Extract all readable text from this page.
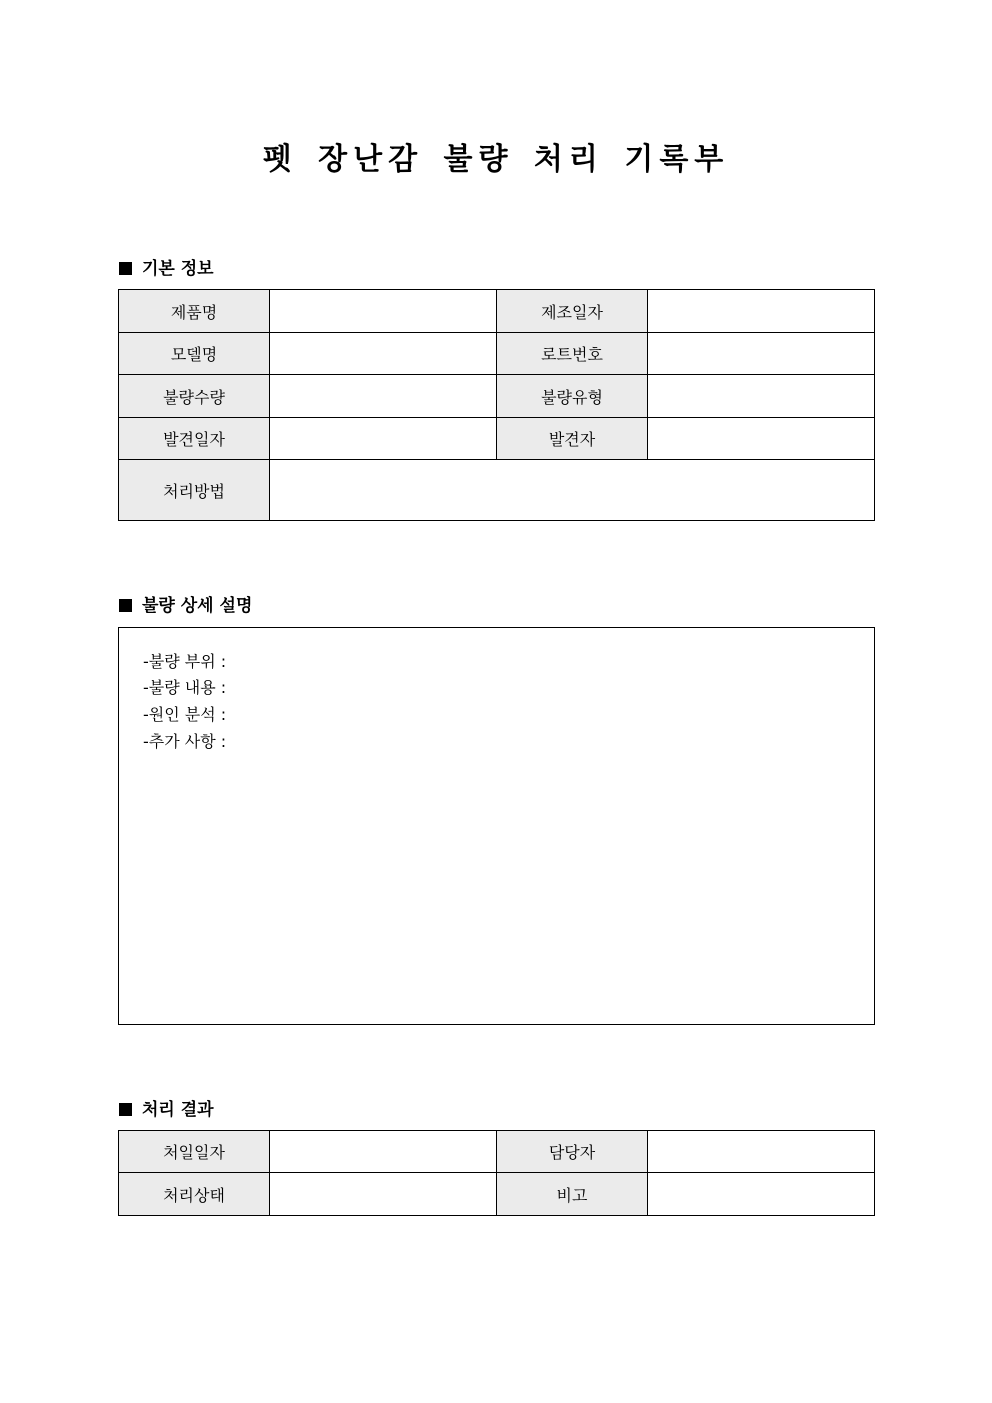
펫 장난감 불량 처리 기록부
기본 정보
제품명		제조일자	
모델명		로트번호	
불량수량		불량유형	
발견일자		발견자	
처리방법			
불량 상세 설명
-불량 부위 :
-불량 내용 :
-원인 분석 :
-추가 사항 :
처리 결과
처일일자		담당자	
처리상태		비고	
